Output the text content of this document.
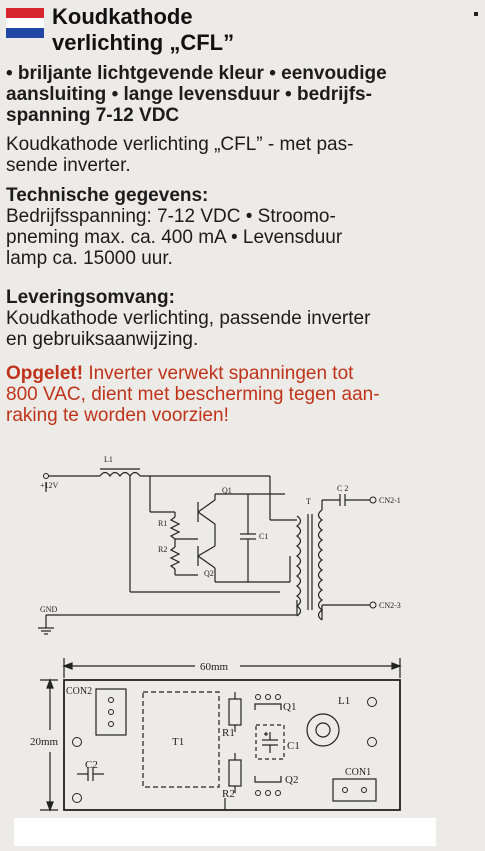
Koudkathode
verlichting „CFL”
• briljante lichtgevende kleur • eenvoudige
aansluiting • lange levensduur • bedrijfs-
spanning 7-12 VDC
Koudkathode verlichting „CFL” - met pas-
sende inverter.
Technische gegevens:
Bedrijfsspanning: 7-12 VDC • Stroomo-
pneming max. ca. 400 mA • Levensduur
lamp ca. 15000 uur.
Leveringsomvang:
Koudkathode verlichting, passende inverter
en gebruiksaanwijzing.
Opgelet! Inverter verwekt spanningen tot
800 VAC, dient met bescherming tegen aan-
raking te worden voorzien!
L1
+12V
Q1
Q2
R1
R2
C1
C 2
T	CN2-1
CN2-3
GND
60mm
20mm
CON2
T1
R1
R2
C1
C2
Q1
Q2
L1
CON1
